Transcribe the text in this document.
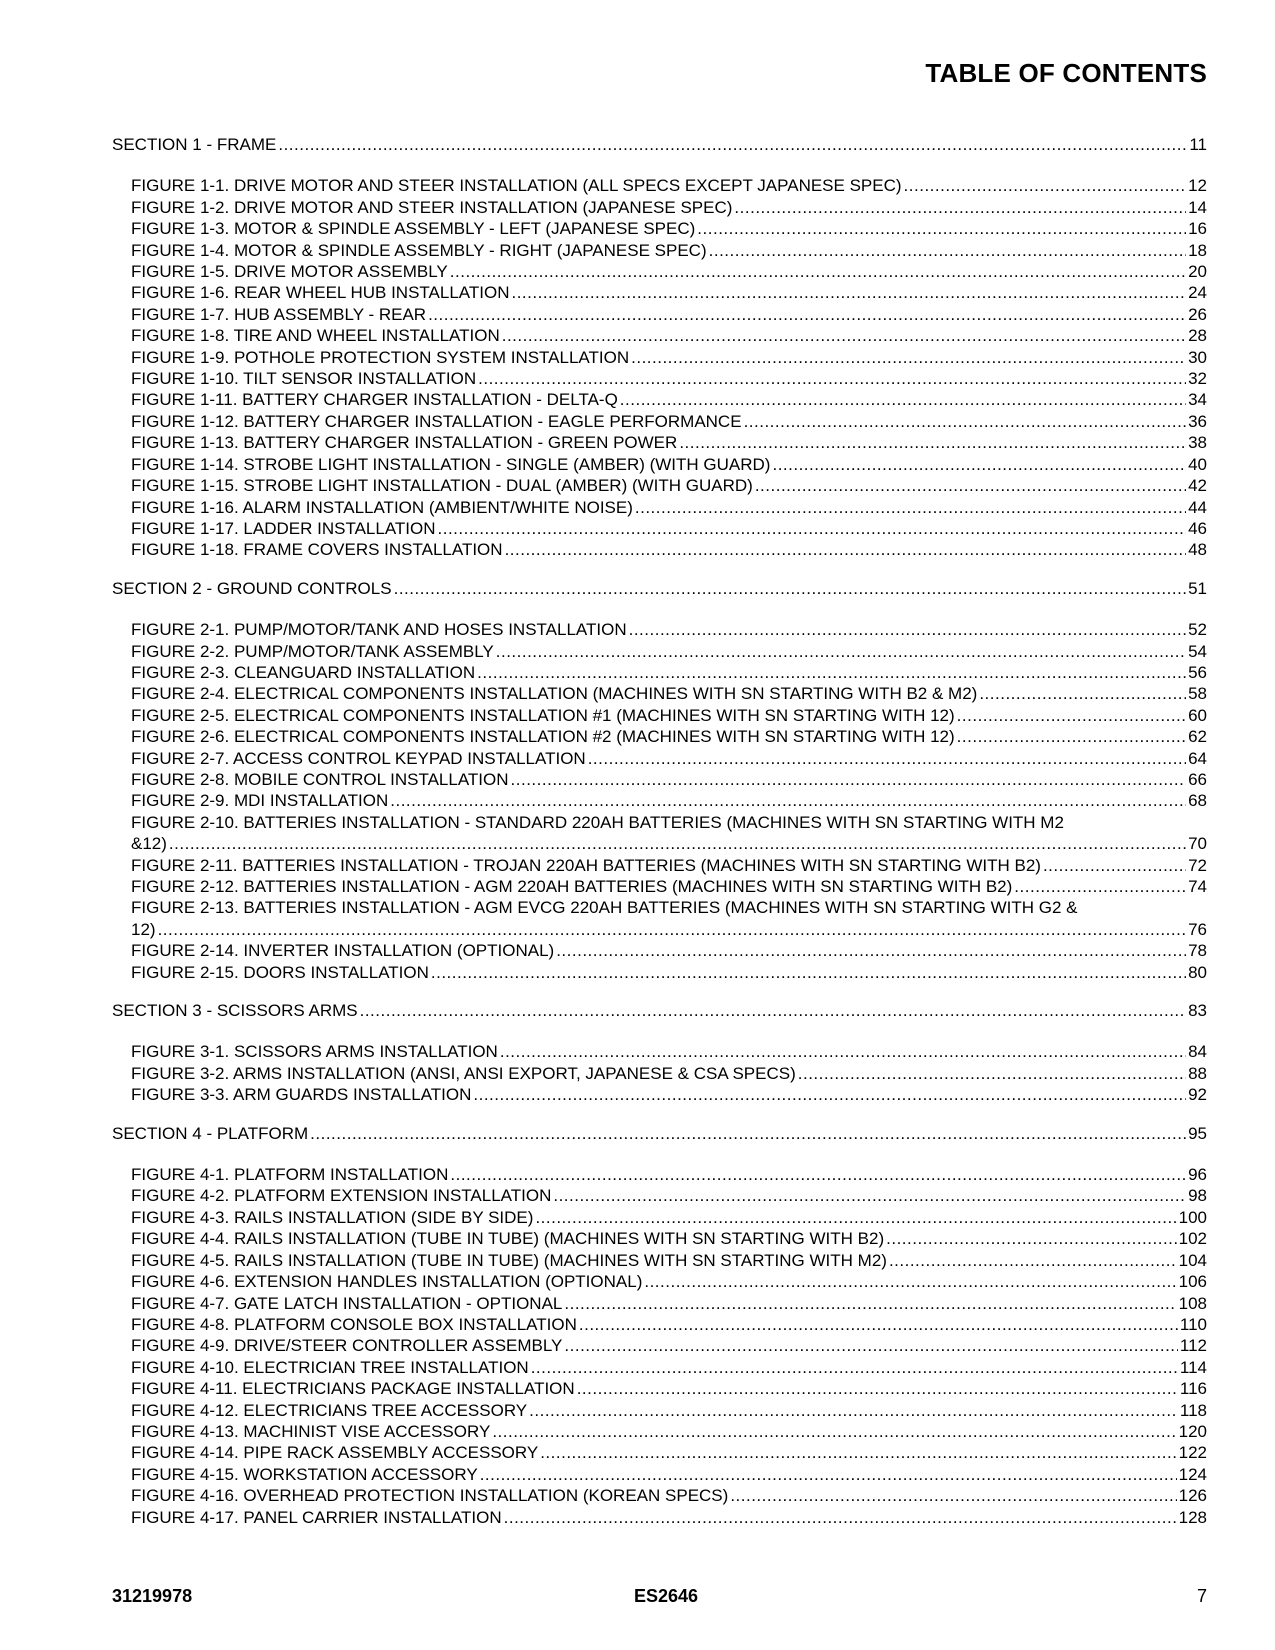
TABLE OF CONTENTS
SECTION 1 - FRAME .....	11
FIGURE 1-1. DRIVE MOTOR AND STEER INSTALLATION (ALL SPECS EXCEPT JAPANESE SPEC) .....	12
FIGURE 1-2. DRIVE MOTOR AND STEER INSTALLATION (JAPANESE SPEC) .....	14
FIGURE 1-3. MOTOR & SPINDLE ASSEMBLY - LEFT (JAPANESE SPEC) .....	16
FIGURE 1-4. MOTOR & SPINDLE ASSEMBLY - RIGHT (JAPANESE SPEC) .....	18
FIGURE 1-5. DRIVE MOTOR ASSEMBLY .....	20
FIGURE 1-6. REAR WHEEL HUB INSTALLATION .....	24
FIGURE 1-7. HUB ASSEMBLY - REAR .....	26
FIGURE 1-8. TIRE AND WHEEL INSTALLATION .....	28
FIGURE 1-9. POTHOLE PROTECTION SYSTEM INSTALLATION .....	30
FIGURE 1-10. TILT SENSOR INSTALLATION .....	32
FIGURE 1-11. BATTERY CHARGER INSTALLATION - DELTA-Q .....	34
FIGURE 1-12. BATTERY CHARGER INSTALLATION - EAGLE PERFORMANCE .....	36
FIGURE 1-13. BATTERY CHARGER INSTALLATION - GREEN POWER .....	38
FIGURE 1-14. STROBE LIGHT INSTALLATION - SINGLE (AMBER) (WITH GUARD) .....	40
FIGURE 1-15. STROBE LIGHT INSTALLATION - DUAL (AMBER) (WITH GUARD) .....	42
FIGURE 1-16. ALARM INSTALLATION (AMBIENT/WHITE NOISE) .....	44
FIGURE 1-17. LADDER INSTALLATION .....	46
FIGURE 1-18. FRAME COVERS INSTALLATION .....	48
SECTION 2 - GROUND CONTROLS .....	51
FIGURE 2-1. PUMP/MOTOR/TANK AND HOSES INSTALLATION .....	52
FIGURE 2-2. PUMP/MOTOR/TANK ASSEMBLY .....	54
FIGURE 2-3. CLEANGUARD INSTALLATION .....	56
FIGURE 2-4. ELECTRICAL COMPONENTS INSTALLATION (MACHINES WITH SN STARTING WITH B2 & M2) .....	58
FIGURE 2-5. ELECTRICAL COMPONENTS INSTALLATION #1 (MACHINES WITH SN STARTING WITH 12) .....	60
FIGURE 2-6. ELECTRICAL COMPONENTS INSTALLATION #2 (MACHINES WITH SN STARTING WITH 12) .....	62
FIGURE 2-7. ACCESS CONTROL KEYPAD INSTALLATION .....	64
FIGURE 2-8. MOBILE CONTROL INSTALLATION .....	66
FIGURE 2-9. MDI INSTALLATION .....	68
FIGURE 2-10. BATTERIES INSTALLATION - STANDARD 220AH BATTERIES (MACHINES WITH SN STARTING WITH M2
&12) .....	70
FIGURE 2-11. BATTERIES INSTALLATION - TROJAN 220AH BATTERIES (MACHINES WITH SN STARTING WITH B2) .....	72
FIGURE 2-12. BATTERIES INSTALLATION - AGM 220AH BATTERIES (MACHINES WITH SN STARTING WITH B2) .....	74
FIGURE 2-13. BATTERIES INSTALLATION - AGM EVCG 220AH BATTERIES (MACHINES WITH SN STARTING WITH G2 &
12) .....	76
FIGURE 2-14. INVERTER INSTALLATION (OPTIONAL) .....	78
FIGURE 2-15. DOORS INSTALLATION .....	80
SECTION 3 - SCISSORS ARMS .....	83
FIGURE 3-1. SCISSORS ARMS INSTALLATION .....	84
FIGURE 3-2. ARMS INSTALLATION (ANSI, ANSI EXPORT, JAPANESE & CSA SPECS) .....	88
FIGURE 3-3. ARM GUARDS INSTALLATION .....	92
SECTION 4 - PLATFORM .....	95
FIGURE 4-1. PLATFORM INSTALLATION .....	96
FIGURE 4-2. PLATFORM EXTENSION INSTALLATION .....	98
FIGURE 4-3. RAILS INSTALLATION (SIDE BY SIDE) .....	100
FIGURE 4-4. RAILS INSTALLATION (TUBE IN TUBE) (MACHINES WITH SN STARTING WITH B2) .....	102
FIGURE 4-5. RAILS INSTALLATION (TUBE IN TUBE) (MACHINES WITH SN STARTING WITH M2) .....	104
FIGURE 4-6. EXTENSION HANDLES INSTALLATION (OPTIONAL) .....	106
FIGURE 4-7. GATE LATCH INSTALLATION - OPTIONAL .....	108
FIGURE 4-8. PLATFORM CONSOLE BOX INSTALLATION .....	110
FIGURE 4-9. DRIVE/STEER CONTROLLER ASSEMBLY .....	112
FIGURE 4-10. ELECTRICIAN TREE INSTALLATION .....	114
FIGURE 4-11. ELECTRICIANS PACKAGE INSTALLATION .....	116
FIGURE 4-12. ELECTRICIANS TREE ACCESSORY .....	118
FIGURE 4-13. MACHINIST VISE ACCESSORY .....	120
FIGURE 4-14. PIPE RACK ASSEMBLY ACCESSORY .....	122
FIGURE 4-15. WORKSTATION ACCESSORY .....	124
FIGURE 4-16. OVERHEAD PROTECTION INSTALLATION (KOREAN SPECS) .....	126
FIGURE 4-17. PANEL CARRIER INSTALLATION .....	128
31219978	ES2646	7
